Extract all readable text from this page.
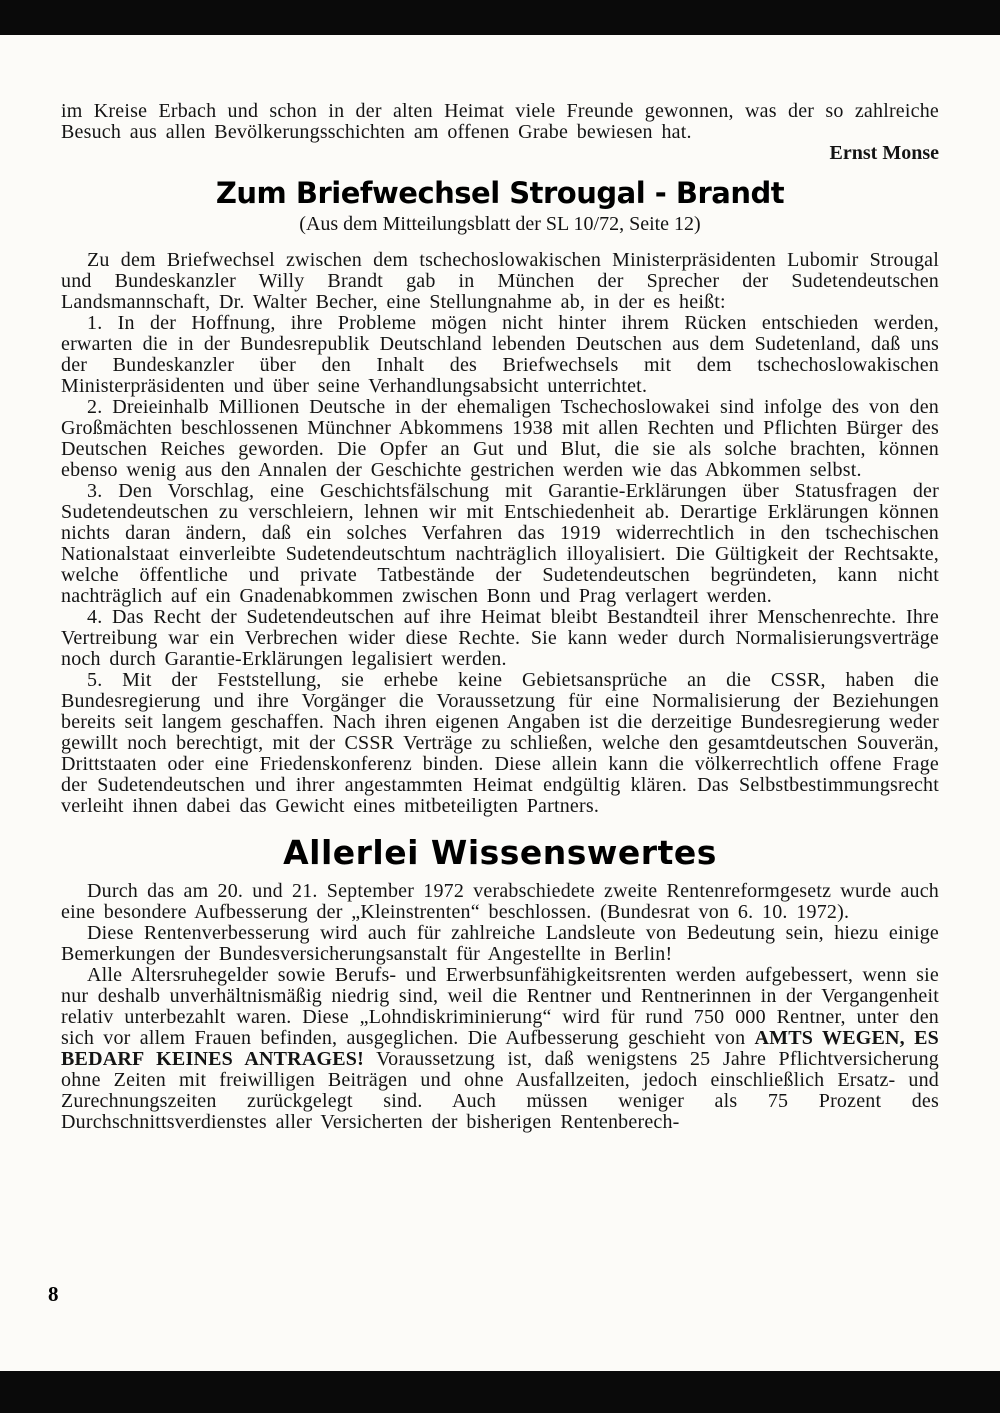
im Kreise Erbach und schon in der alten Heimat viele Freunde gewonnen, was der so zahlreiche Besuch aus allen Bevölkerungsschichten am offenen Grabe bewiesen hat.

Ernst Monse

Zum Briefwechsel Strougal - Brandt

(Aus dem Mitteilungsblatt der SL 10/72, Seite 12)

Zu dem Briefwechsel zwischen dem tschechoslowakischen Ministerpräsidenten Lubomir Strougal und Bundeskanzler Willy Brandt gab in München der Sprecher der Sudetendeutschen Landsmannschaft, Dr. Walter Becher, eine Stellungnahme ab, in der es heißt:

1. In der Hoffnung, ihre Probleme mögen nicht hinter ihrem Rücken entschieden werden, erwarten die in der Bundesrepublik Deutschland lebenden Deutschen aus dem Sudetenland, daß uns der Bundeskanzler über den Inhalt des Briefwechsels mit dem tschechoslowakischen Ministerpräsidenten und über seine Verhandlungsabsicht unterrichtet.

2. Dreieinhalb Millionen Deutsche in der ehemaligen Tschechoslowakei sind infolge des von den Großmächten beschlossenen Münchner Abkommens 1938 mit allen Rechten und Pflichten Bürger des Deutschen Reiches geworden. Die Opfer an Gut und Blut, die sie als solche brachten, können ebenso wenig aus den Annalen der Geschichte gestrichen werden wie das Abkommen selbst.

3. Den Vorschlag, eine Geschichtsfälschung mit Garantie-Erklärungen über Statusfragen der Sudetendeutschen zu verschleiern, lehnen wir mit Entschiedenheit ab. Derartige Erklärungen können nichts daran ändern, daß ein solches Verfahren das 1919 widerrechtlich in den tschechischen Nationalstaat einverleibte Sudetendeutschtum nachträglich illoyalisiert. Die Gültigkeit der Rechtsakte, welche öffentliche und private Tatbestände der Sudetendeutschen begründeten, kann nicht nachträglich auf ein Gnadenabkommen zwischen Bonn und Prag verlagert werden.

4. Das Recht der Sudetendeutschen auf ihre Heimat bleibt Bestandteil ihrer Menschenrechte. Ihre Vertreibung war ein Verbrechen wider diese Rechte. Sie kann weder durch Normalisierungsverträge noch durch Garantie-Erklärungen legalisiert werden.

5. Mit der Feststellung, sie erhebe keine Gebietsansprüche an die CSSR, haben die Bundesregierung und ihre Vorgänger die Voraussetzung für eine Normalisierung der Beziehungen bereits seit langem geschaffen. Nach ihren eigenen Angaben ist die derzeitige Bundesregierung weder gewillt noch berechtigt, mit der CSSR Verträge zu schließen, welche den gesamtdeutschen Souverän, Drittstaaten oder eine Friedenskonferenz binden. Diese allein kann die völkerrechtlich offene Frage der Sudetendeutschen und ihrer angestammten Heimat endgültig klären. Das Selbstbestimmungsrecht verleiht ihnen dabei das Gewicht eines mitbeteiligten Partners.

Allerlei Wissenswertes

Durch das am 20. und 21. September 1972 verabschiedete zweite Rentenreformgesetz wurde auch eine besondere Aufbesserung der „Kleinstrenten“ beschlossen. (Bundesrat von 6. 10. 1972).

Diese Rentenverbesserung wird auch für zahlreiche Landsleute von Bedeutung sein, hiezu einige Bemerkungen der Bundesversicherungsanstalt für Angestellte in Berlin!

Alle Altersruhegelder sowie Berufs- und Erwerbsunfähigkeitsrenten werden aufgebessert, wenn sie nur deshalb unverhältnismäßig niedrig sind, weil die Rentner und Rentnerinnen in der Vergangenheit relativ unterbezahlt waren. Diese „Lohndiskriminierung“ wird für rund 750 000 Rentner, unter den sich vor allem Frauen befinden, ausgeglichen. Die Aufbesserung geschieht von AMTS WEGEN, ES BEDARF KEINES ANTRAGES! Voraussetzung ist, daß wenigstens 25 Jahre Pflichtversicherung ohne Zeiten mit freiwilligen Beiträgen und ohne Ausfallzeiten, jedoch einschließlich Ersatz- und Zurechnungszeiten zurückgelegt sind. Auch müssen weniger als 75 Prozent des Durchschnittsverdienstes aller Versicherten der bisherigen Rentenberech-

8
